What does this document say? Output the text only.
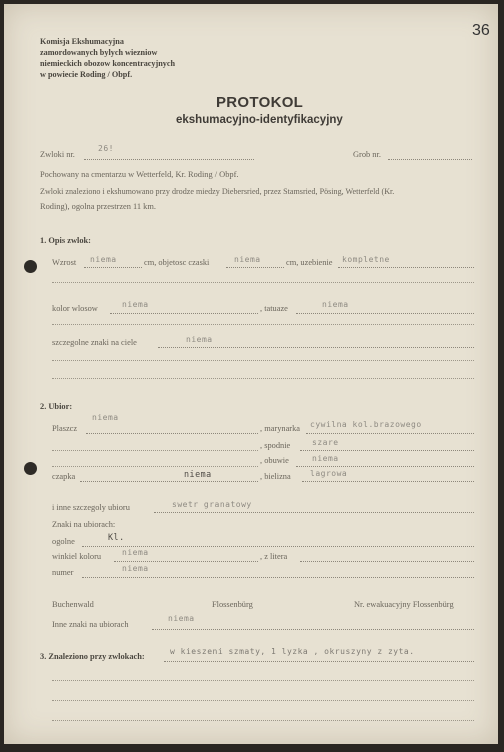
36
Komisja Ekshumacyjna
zamordowanych bylych wiezniow
niemieckich obozow koncentracyjnych
w powiecie Roding / Obpf.
PROTOKOL
ekshumacyjno-identyfikacyjny
Zwloki nr.
26!
Grob nr.
Pochowany na cmentarzu w Wetterfeld, Kr. Roding / Obpf.
Zwloki znaleziono i ekshumowano przy drodze miedzy Diebersried, przez Stamsried, Pösing, Wetterfeld (Kr.
Roding), ogolna przestrzen 11 km.
1. Opis zwlok:
Wzrost niema	cm, objetosc czaski	niema	cm, uzebienie kompletne
kolor wlosow	niema	, tatuaze	niema
szczegolne znaki na ciele	niema
2. Ubior:
Plaszcz
niema
, marynarka cywilna kol.brazowego
, spodnie	szare
, obuwie	niema
czapka	niema	, bielizna lagrowa
i inne szczegoly ubioru	swetr granatowy
Znaki na ubiorach:
ogolne	Kl.
winkiel koloru	niema	, z litera
numer	niema
Buchenwald	Flossenbürg	Nr. ewakuacyjny Flossenbürg
Inne znaki na ubiorach
niema
3. Znaleziono przy zwlokach:
w kieszeni szmaty, 1 lyzka , okruszyny z zyta.
